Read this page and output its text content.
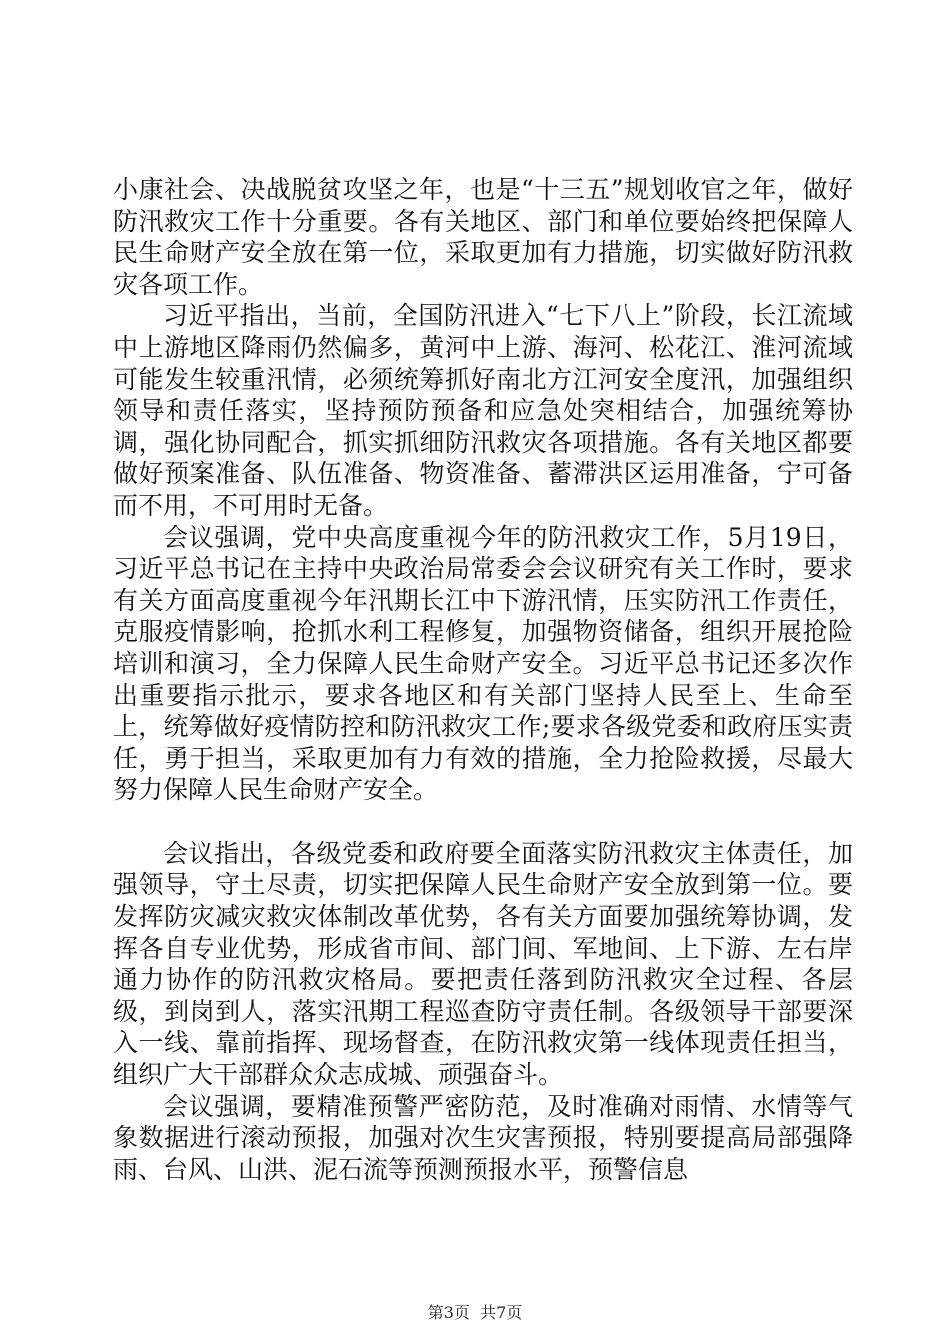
小康社会、决战脱贫攻坚之年，也是“十三五”规划收官之年，做好防汛救灾工作十分重要。各有关地区、部门和单位要始终把保障人民生命财产安全放在第一位，采取更加有力措施，切实做好防汛救灾各项工作。

习近平指出，当前，全国防汛进入“七下八上”阶段，长江流域中上游地区降雨仍然偏多，黄河中上游、海河、松花江、淮河流域可能发生较重汛情，必须统筹抓好南北方江河安全度汛，加强组织领导和责任落实，坚持预防预备和应急处突相结合，加强统筹协调，强化协同配合，抓实抓细防汛救灾各项措施。各有关地区都要做好预案准备、队伍准备、物资准备、蓄滞洪区运用准备，宁可备而不用，不可用时无备。

会议强调，党中央高度重视今年的防汛救灾工作，5月19日，习近平总书记在主持中央政治局常委会会议研究有关工作时，要求有关方面高度重视今年汛期长江中下游汛情，压实防汛工作责任，克服疫情影响，抢抓水利工程修复，加强物资储备，组织开展抢险培训和演习，全力保障人民生命财产安全。习近平总书记还多次作出重要指示批示，要求各地区和有关部门坚持人民至上、生命至上，统筹做好疫情防控和防汛救灾工作;要求各级党委和政府压实责任，勇于担当，采取更加有力有效的措施，全力抢险救援，尽最大努力保障人民生命财产安全。

会议指出，各级党委和政府要全面落实防汛救灾主体责任，加强领导，守土尽责，切实把保障人民生命财产安全放到第一位。要发挥防灾减灾救灾体制改革优势，各有关方面要加强统筹协调，发挥各自专业优势，形成省市间、部门间、军地间、上下游、左右岸通力协作的防汛救灾格局。要把责任落到防汛救灾全过程、各层级，到岗到人，落实汛期工程巡查防守责任制。各级领导干部要深入一线、靠前指挥、现场督查，在防汛救灾第一线体现责任担当，组织广大干部群众众志成城、顽强奋斗。

会议强调，要精准预警严密防范，及时准确对雨情、水情等气象数据进行滚动预报，加强对次生灾害预报，特别要提高局部强降雨、台风、山洪、泥石流等预测预报水平，预警信息

第3页  共7页
